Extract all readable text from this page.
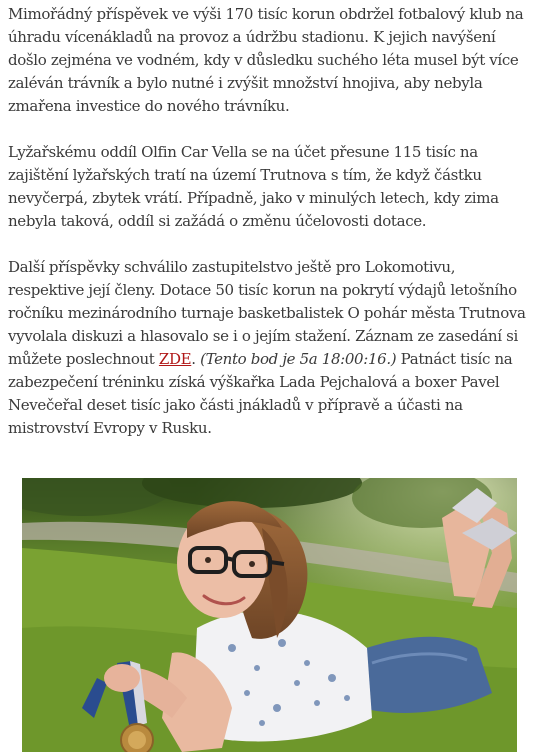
Mimořádný příspěvek ve výši 170 tisíc korun obdržel fotbalový klub na úhradu vícenákladů na provoz a údržbu stadionu. K jejich navýšení došlo zejména ve vodném, kdy v důsledku suchého léta musel být více zaléván trávník a bylo nutné i zvýšit množství hnojiva, aby nebyla zmařena investice do nového trávníku.

Lyžařskému oddíl Olfin Car Vella se na účet přesune 115 tisíc na zajištění lyžařských tratí na území Trutnova s tím, že když částku nevyčerpá, zbytek vrátí. Případně, jako v minulých letech, kdy zima nebyla taková, oddíl si zažádá o změnu účelovosti dotace.

Další příspěvky schválilo zastupitelstvo ještě pro Lokomotivu, respektive její členy. Dotace 50 tisíc korun na pokrytí výdajů letošního ročníku mezinárodního turnaje basketbalistek O pohár města Trutnova vyvolala diskuzi a hlasovalo se i o jejím stažení. Záznam ze zasedání si můžete poslechnout ZDE. (Tento bod je 5a 18:00:16.) Patnáct tisíc na zabezpečení tréninku získá výškařka Lada Pejchalová a boxer Pavel Nevečeřal deset tisíc jako části jnákladů v přípravě a účasti na mistrovství Evropy v Rusku.
